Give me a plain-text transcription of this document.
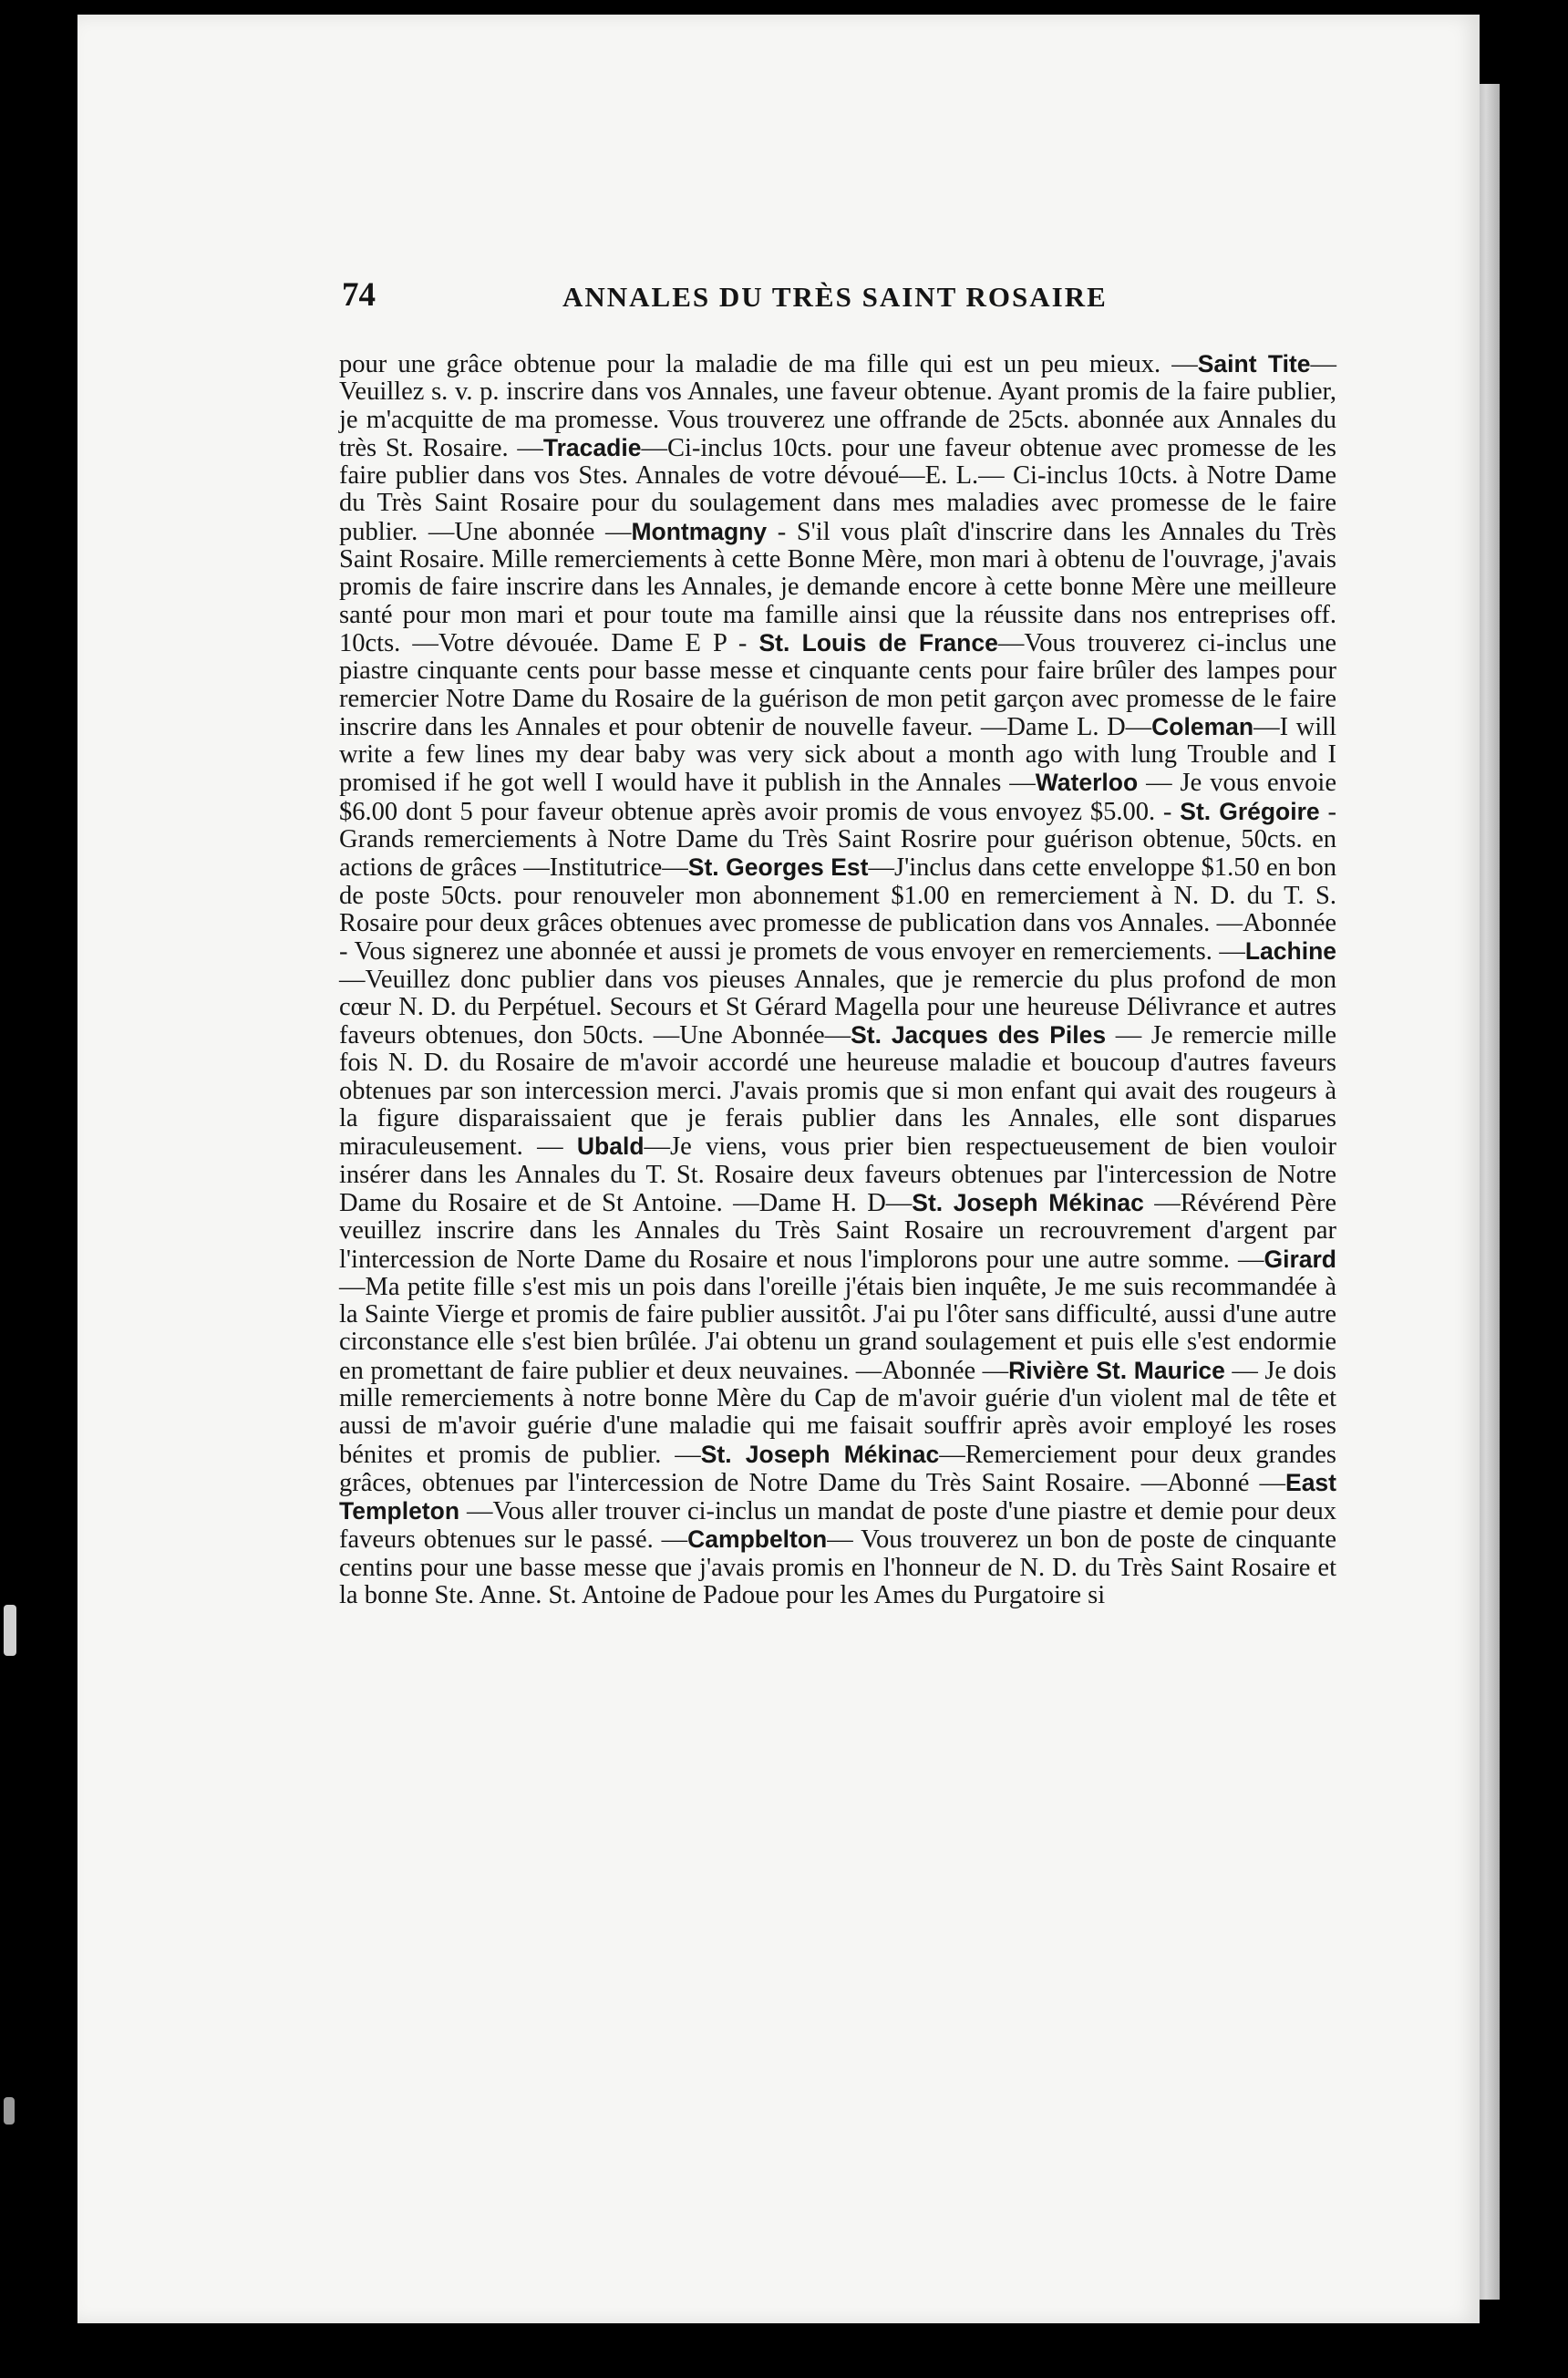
74	ANNALES DU TRÈS SAINT ROSAIRE

pour une grâce obtenue pour la maladie de ma fille qui est un peu mieux. —Saint Tite— Veuillez s. v. p. inscrire dans vos Annales, une faveur obtenue. Ayant promis de la faire publier, je m'acquitte de ma promesse. Vous trouverez une offrande de 25cts. abonnée aux Annales du très St. Rosaire. —Tracadie—Ci-inclus 10cts. pour une faveur obtenue avec promesse de les faire publier dans vos Stes. Annales de votre dévoué—E. L.— Ci-inclus 10cts. à Notre Dame du Très Saint Rosaire pour du soulagement dans mes maladies avec promesse de le faire publier. —Une abonnée —Montmagny - S'il vous plaît d'inscrire dans les Annales du Très Saint Rosaire. Mille remerciements à cette Bonne Mère, mon mari à obtenu de l'ouvrage, j'avais promis de faire inscrire dans les Annales, je demande encore à cette bonne Mère une meilleure santé pour mon mari et pour toute ma famille ainsi que la réussite dans nos entreprises off. 10cts. —Votre dévouée. Dame E P - St. Louis de France—Vous trouverez ci-inclus une piastre cinquante cents pour basse messe et cinquante cents pour faire brûler des lampes pour remercier Notre Dame du Rosaire de la guérison de mon petit garçon avec promesse de le faire inscrire dans les Annales et pour obtenir de nouvelle faveur. —Dame L. D—Coleman—I will write a few lines my dear baby was very sick about a month ago with lung Trouble and I promised if he got well I would have it publish in the Annales —Waterloo — Je vous envoie $6.00 dont 5 pour faveur obtenue après avoir promis de vous envoyez $5.00. - St. Grégoire - Grands remerciements à Notre Dame du Très Saint Rosrire pour guérison obtenue, 50cts. en actions de grâces —Institutrice—St. Georges Est—J'inclus dans cette enveloppe $1.50 en bon de poste 50cts. pour renouveler mon abonnement $1.00 en remerciement à N. D. du T. S. Rosaire pour deux grâces obtenues avec promesse de publication dans vos Annales. —Abonnée - Vous signerez une abonnée et aussi je promets de vous envoyer en remerciements. —Lachine —Veuillez donc publier dans vos pieuses Annales, que je remercie du plus profond de mon cœur N. D. du Perpétuel. Secours et St Gérard Magella pour une heureuse Délivrance et autres faveurs obtenues, don 50cts. —Une Abonnée—St. Jacques des Piles — Je remercie mille fois N. D. du Rosaire de m'avoir accordé une heureuse maladie et boucoup d'autres faveurs obtenues par son intercession merci. J'avais promis que si mon enfant qui avait des rougeurs à la figure disparaissaient que je ferais publier dans les Annales, elle sont disparues miraculeusement. — Ubald—Je viens, vous prier bien respectueusement de bien vouloir insérer dans les Annales du T. St. Rosaire deux faveurs obtenues par l'intercession de Notre Dame du Rosaire et de St Antoine. —Dame H. D—St. Joseph Mékinac —Révérend Père veuillez inscrire dans les Annales du Très Saint Rosaire un recrouvrement d'argent par l'intercession de Norte Dame du Rosaire et nous l'implorons pour une autre somme. —Girard —Ma petite fille s'est mis un pois dans l'oreille j'étais bien inquête, Je me suis recommandée à la Sainte Vierge et promis de faire publier aussitôt. J'ai pu l'ôter sans difficulté, aussi d'une autre circonstance elle s'est bien brûlée. J'ai obtenu un grand soulagement et puis elle s'est endormie en promettant de faire publier et deux neuvaines. —Abonnée —Rivière St. Maurice — Je dois mille remerciements à notre bonne Mère du Cap de m'avoir guérie d'un violent mal de tête et aussi de m'avoir guérie d'une maladie qui me faisait souffrir après avoir employé les roses bénites et promis de publier. —St. Joseph Mékinac—Remerciement pour deux grandes grâces, obtenues par l'intercession de Notre Dame du Très Saint Rosaire. —Abonné —East Templeton —Vous aller trouver ci-inclus un mandat de poste d'une piastre et demie pour deux faveurs obtenues sur le passé. —Campbelton— Vous trouverez un bon de poste de cinquante centins pour une basse messe que j'avais promis en l'honneur de N. D. du Très Saint Rosaire et la bonne Ste. Anne. St. Antoine de Padoue pour les Ames du Purgatoire si
